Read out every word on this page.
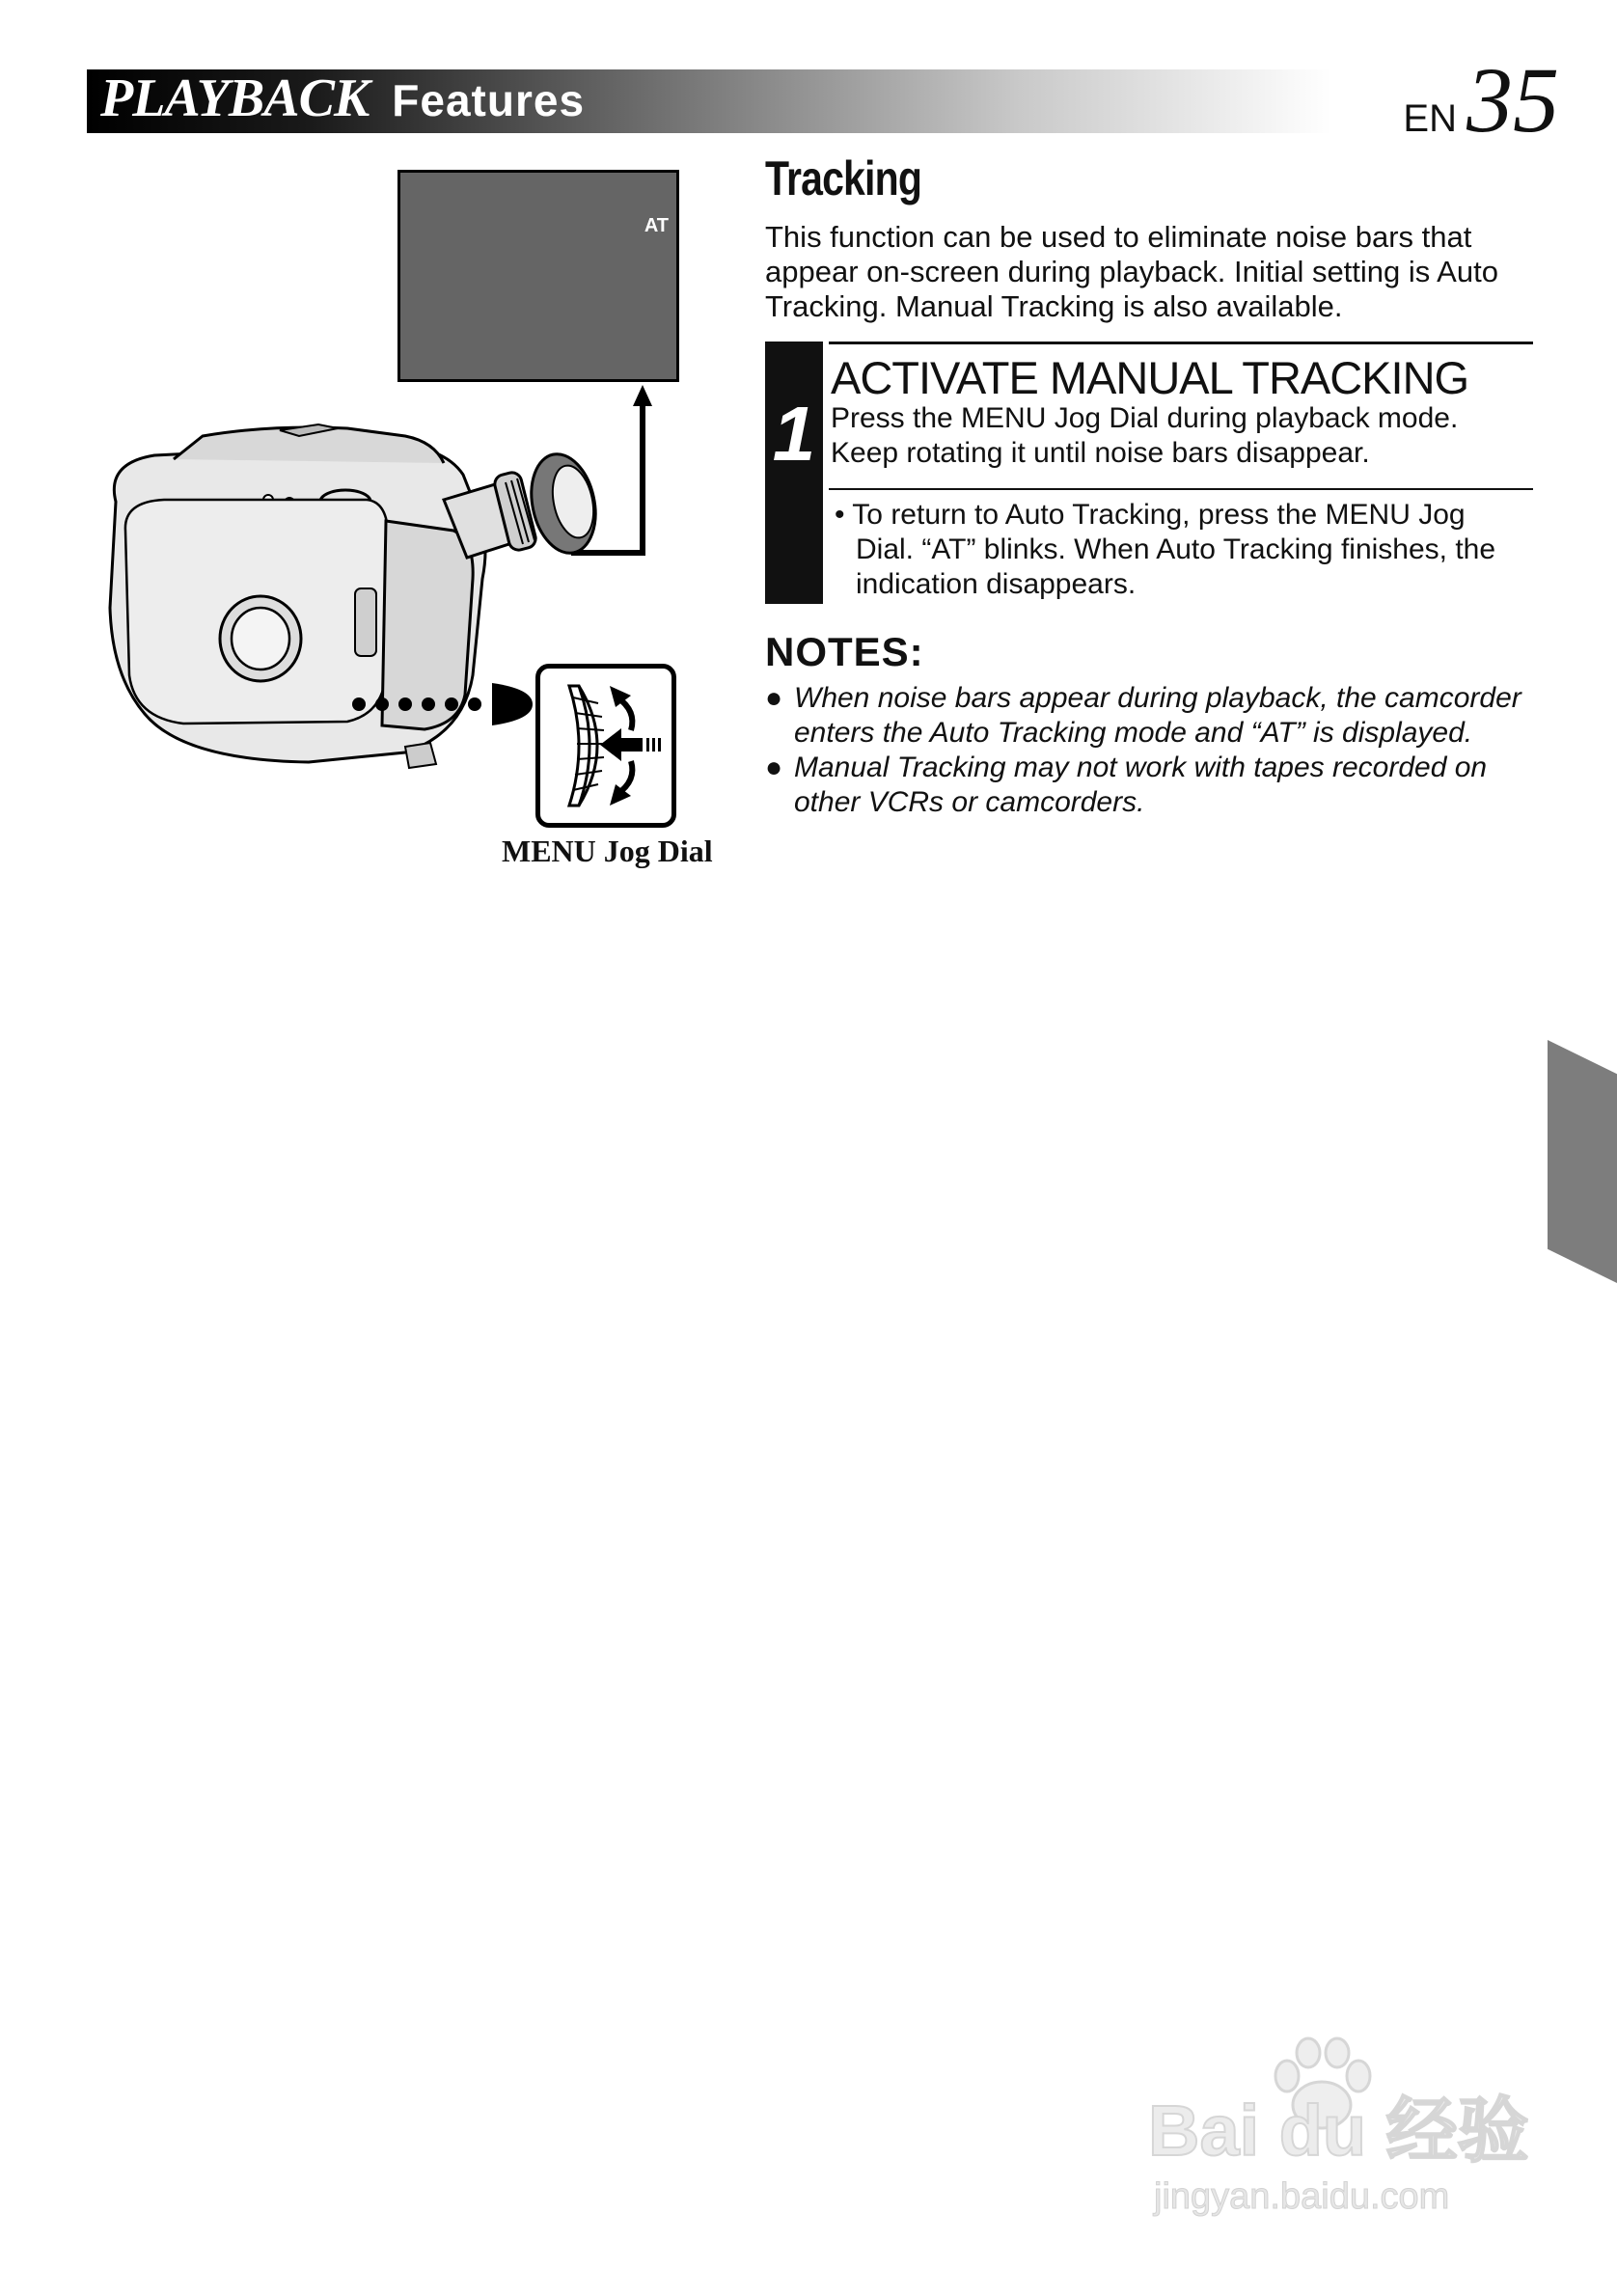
PLAYBACK Features	EN 35
AT
MENU Jog Dial
Tracking
This function can be used to eliminate noise bars that appear on-screen during playback. Initial setting is Auto Tracking. Manual Tracking is also available.
1
ACTIVATE MANUAL TRACKING
Press the MENU Jog Dial during playback mode. Keep rotating it until noise bars disappear.
• To return to Auto Tracking, press the MENU Jog Dial. “AT” blinks. When Auto Tracking finishes, the indication disappears.
NOTES:
● When noise bars appear during playback, the camcorder enters the Auto Tracking mode and “AT” is displayed.
● Manual Tracking may not work with tapes recorded on other VCRs or camcorders.
Bai du 经验
jingyan.baidu.com
